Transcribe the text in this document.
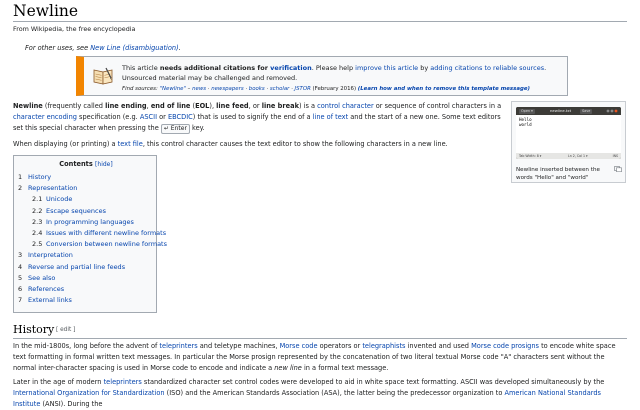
Newline
From Wikipedia, the free encyclopedia
For other uses, see New Line (disambiguation).
This article needs additional citations for verification. Please help improve this article by adding citations to reliable sources. Unsourced material may be challenged and removed.
Find sources: "Newline" – news · newspapers · books · scholar · JSTOR (February 2016) (Learn how and when to remove this template message)
Newline (frequently called line ending, end of line (EOL), line feed, or line break) is a control character or sequence of control characters in a character encoding specification (e.g. ASCII or EBCDIC) that is used to signify the end of a line of text and the start of a new one. Some text editors set this special character when pressing the ↵ Enter key.
When displaying (or printing) a text file, this control character causes the text editor to show the following characters in a new line.
Contents [hide]
1 History
2 Representation
2.1 Unicode
2.2 Escape sequences
2.3 In programming languages
2.4 Issues with different newline formats
2.5 Conversion between newline formats
3 Interpretation
4 Reverse and partial line feeds
5 See also
6 References
7 External links
Open ▾	newline.txt	Save
Hello
world
Tab Width: 8 ▾	Ln 2, Col 1 ▾	INS
Newline inserted between the words "Hello" and "world"
History [ edit ]
In the mid-1800s, long before the advent of teleprinters and teletype machines, Morse code operators or telegraphists invented and used Morse code prosigns to encode white space text formatting in formal written text messages. In particular the Morse prosign represented by the concatenation of two literal textual Morse code "A" characters sent without the normal inter-character spacing is used in Morse code to encode and indicate a new line in a formal text message.
Later in the age of modern teleprinters standardized character set control codes were developed to aid in white space text formatting. ASCII was developed simultaneously by the International Organization for Standardization (ISO) and the American Standards Association (ASA), the latter being the predecessor organization to American National Standards Institute (ANSI). During the
